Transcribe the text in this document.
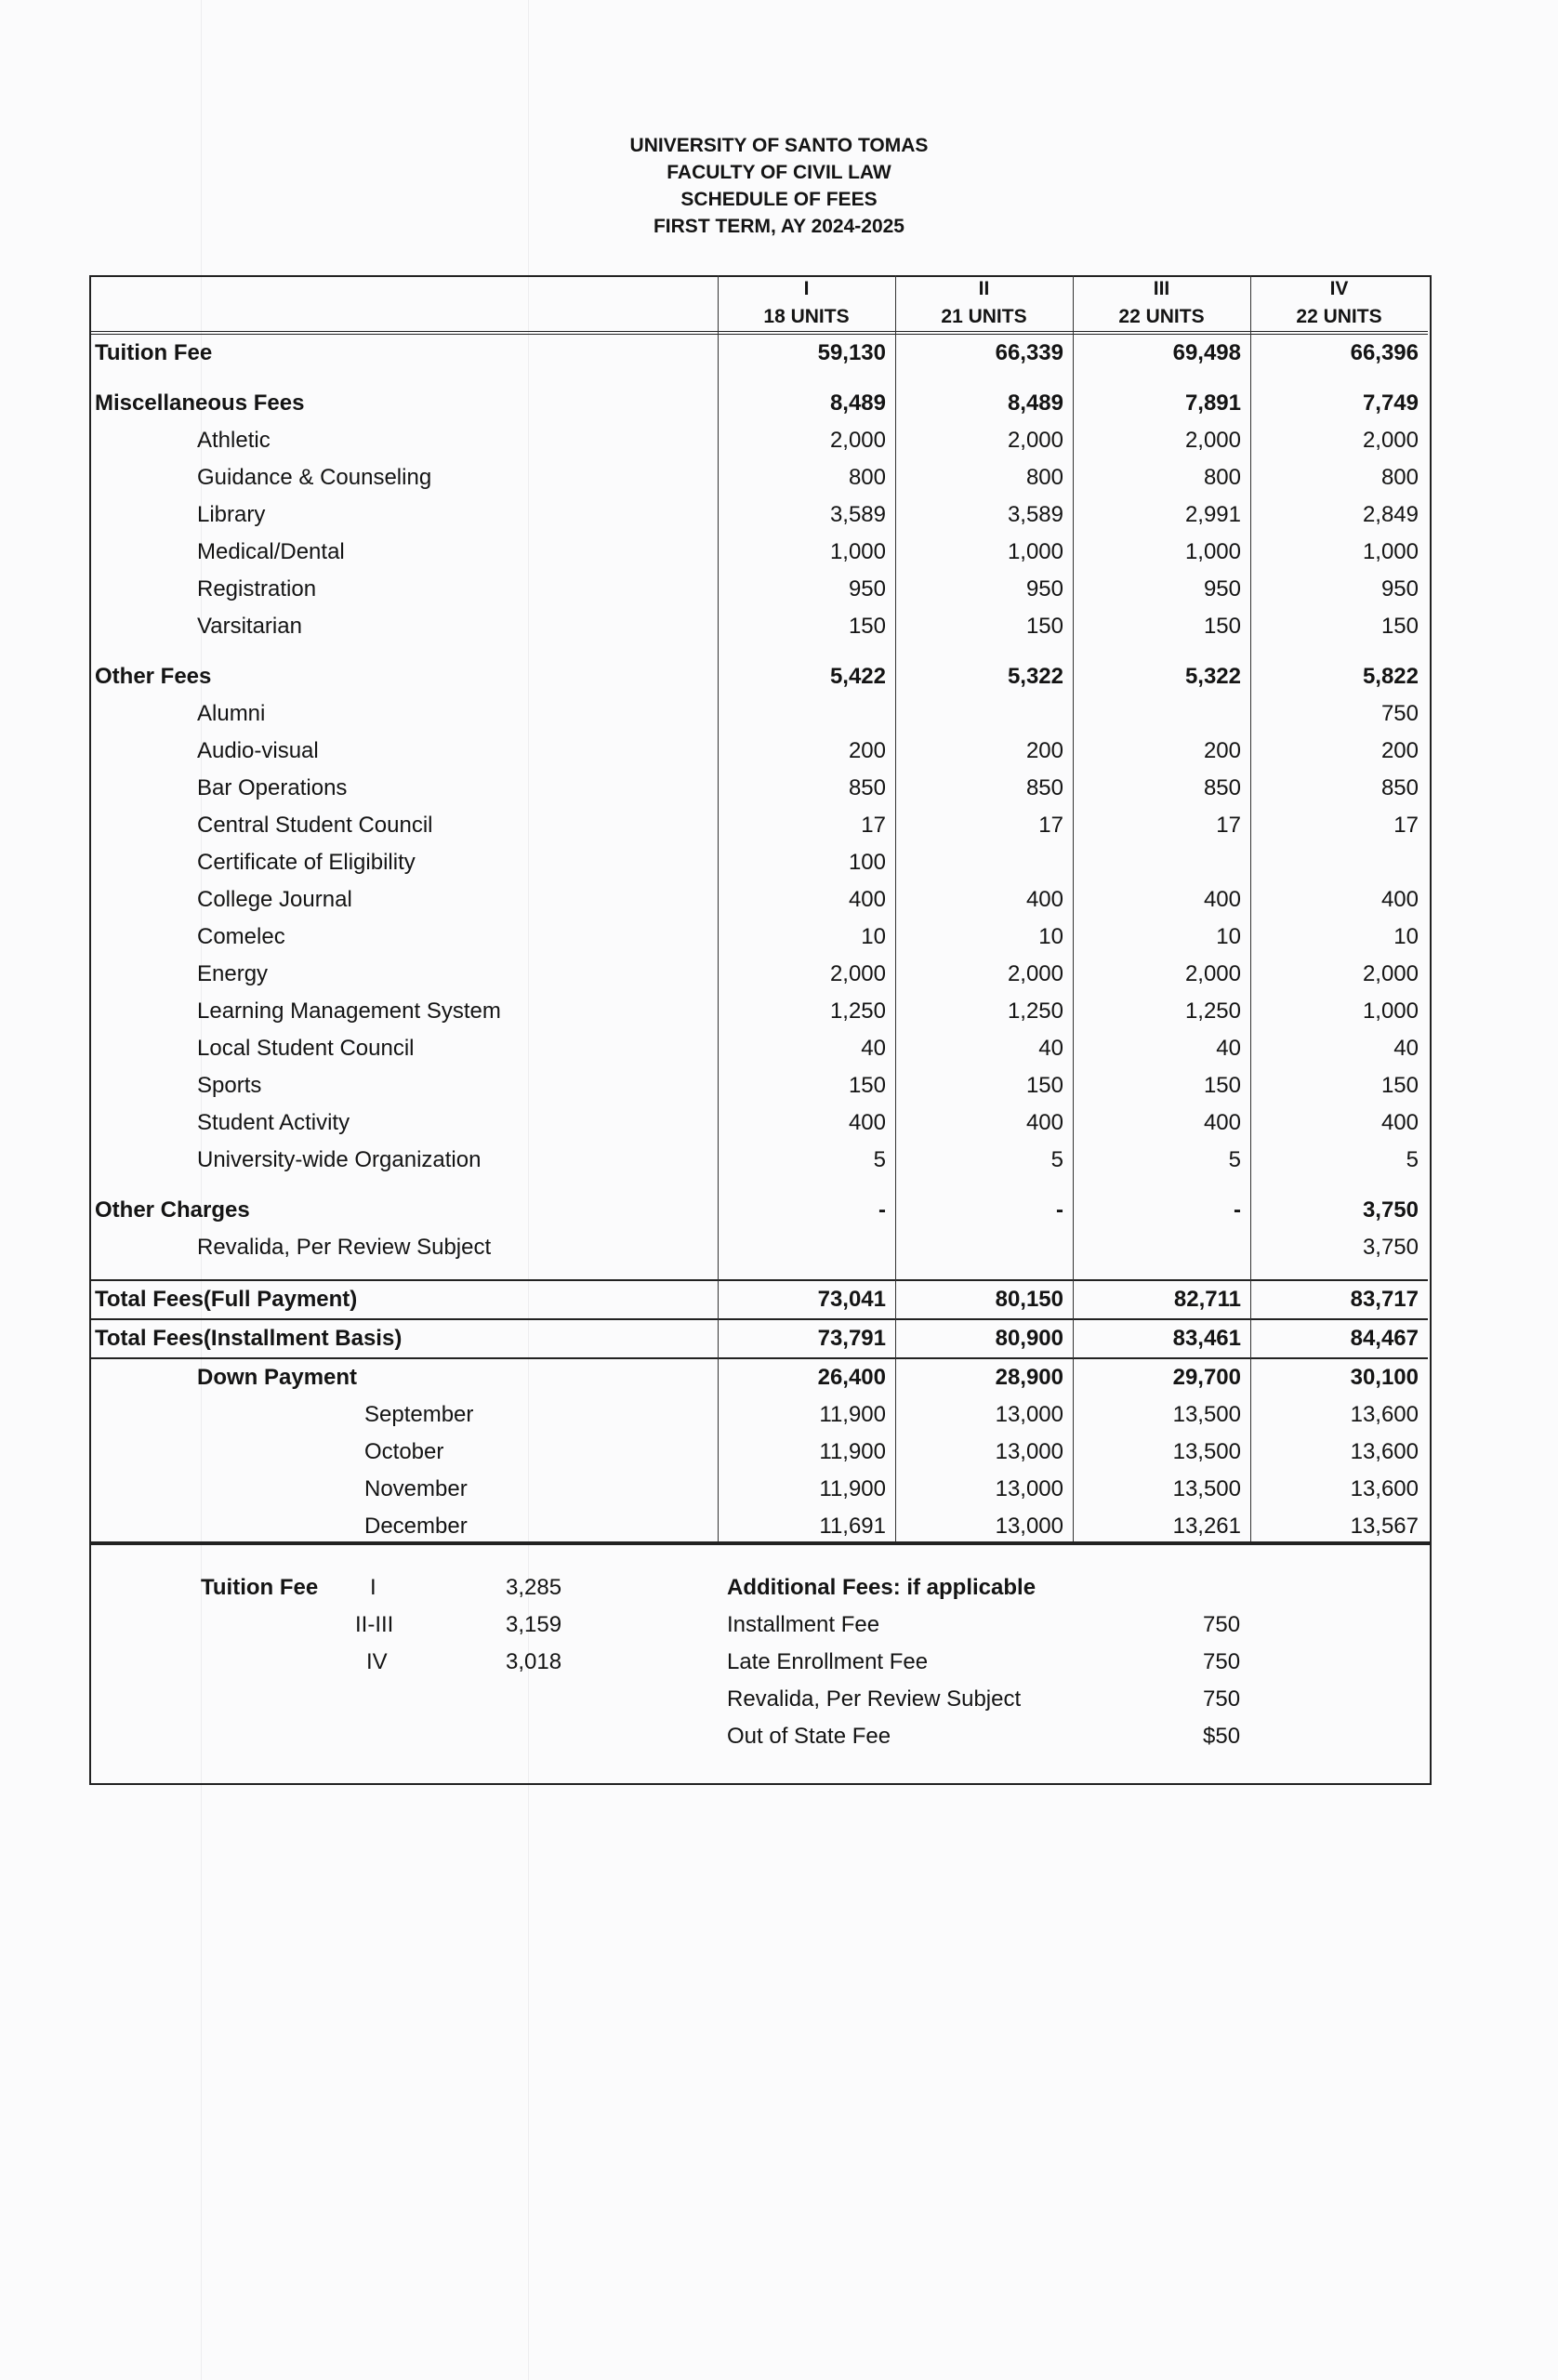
UNIVERSITY OF SANTO TOMAS
FACULTY OF CIVIL LAW
SCHEDULE OF FEES
FIRST TERM, AY 2024-2025
	I	II	III	IV
	18 UNITS	21 UNITS	22 UNITS	22 UNITS
Tuition Fee	59,130	66,339	69,498	66,396

Miscellaneous Fees	8,489	8,489	7,891	7,749
Athletic	2,000	2,000	2,000	2,000
Guidance & Counseling	800	800	800	800
Library	3,589	3,589	2,991	2,849
Medical/Dental	1,000	1,000	1,000	1,000
Registration	950	950	950	950
Varsitarian	150	150	150	150

Other Fees	5,422	5,322	5,322	5,822
Alumni				750
Audio-visual	200	200	200	200
Bar Operations	850	850	850	850
Central Student Council	17	17	17	17
Certificate of Eligibility	100			
College Journal	400	400	400	400
Comelec	10	10	10	10
Energy	2,000	2,000	2,000	2,000
Learning Management System	1,250	1,250	1,250	1,000
Local Student Council	40	40	40	40
Sports	150	150	150	150
Student Activity	400	400	400	400
University-wide Organization	5	5	5	5

Other Charges	-	-	-	3,750
Revalida, Per Review Subject				3,750

Total Fees(Full Payment)	73,041	80,150	82,711	83,717
Total Fees(Installment Basis)	73,791	80,900	83,461	84,467
Down Payment	26,400	28,900	29,700	30,100
September	11,900	13,000	13,500	13,600
October	11,900	13,000	13,500	13,600
November	11,900	13,000	13,500	13,600
December	11,691	13,000	13,261	13,567
Tuition Fee I	3,285
II-III	3,159
IV	3,018
Additional Fees: if applicable
Installment Fee	750
Late Enrollment Fee	750
Revalida, Per Review Subject	750
Out of State Fee	$50
